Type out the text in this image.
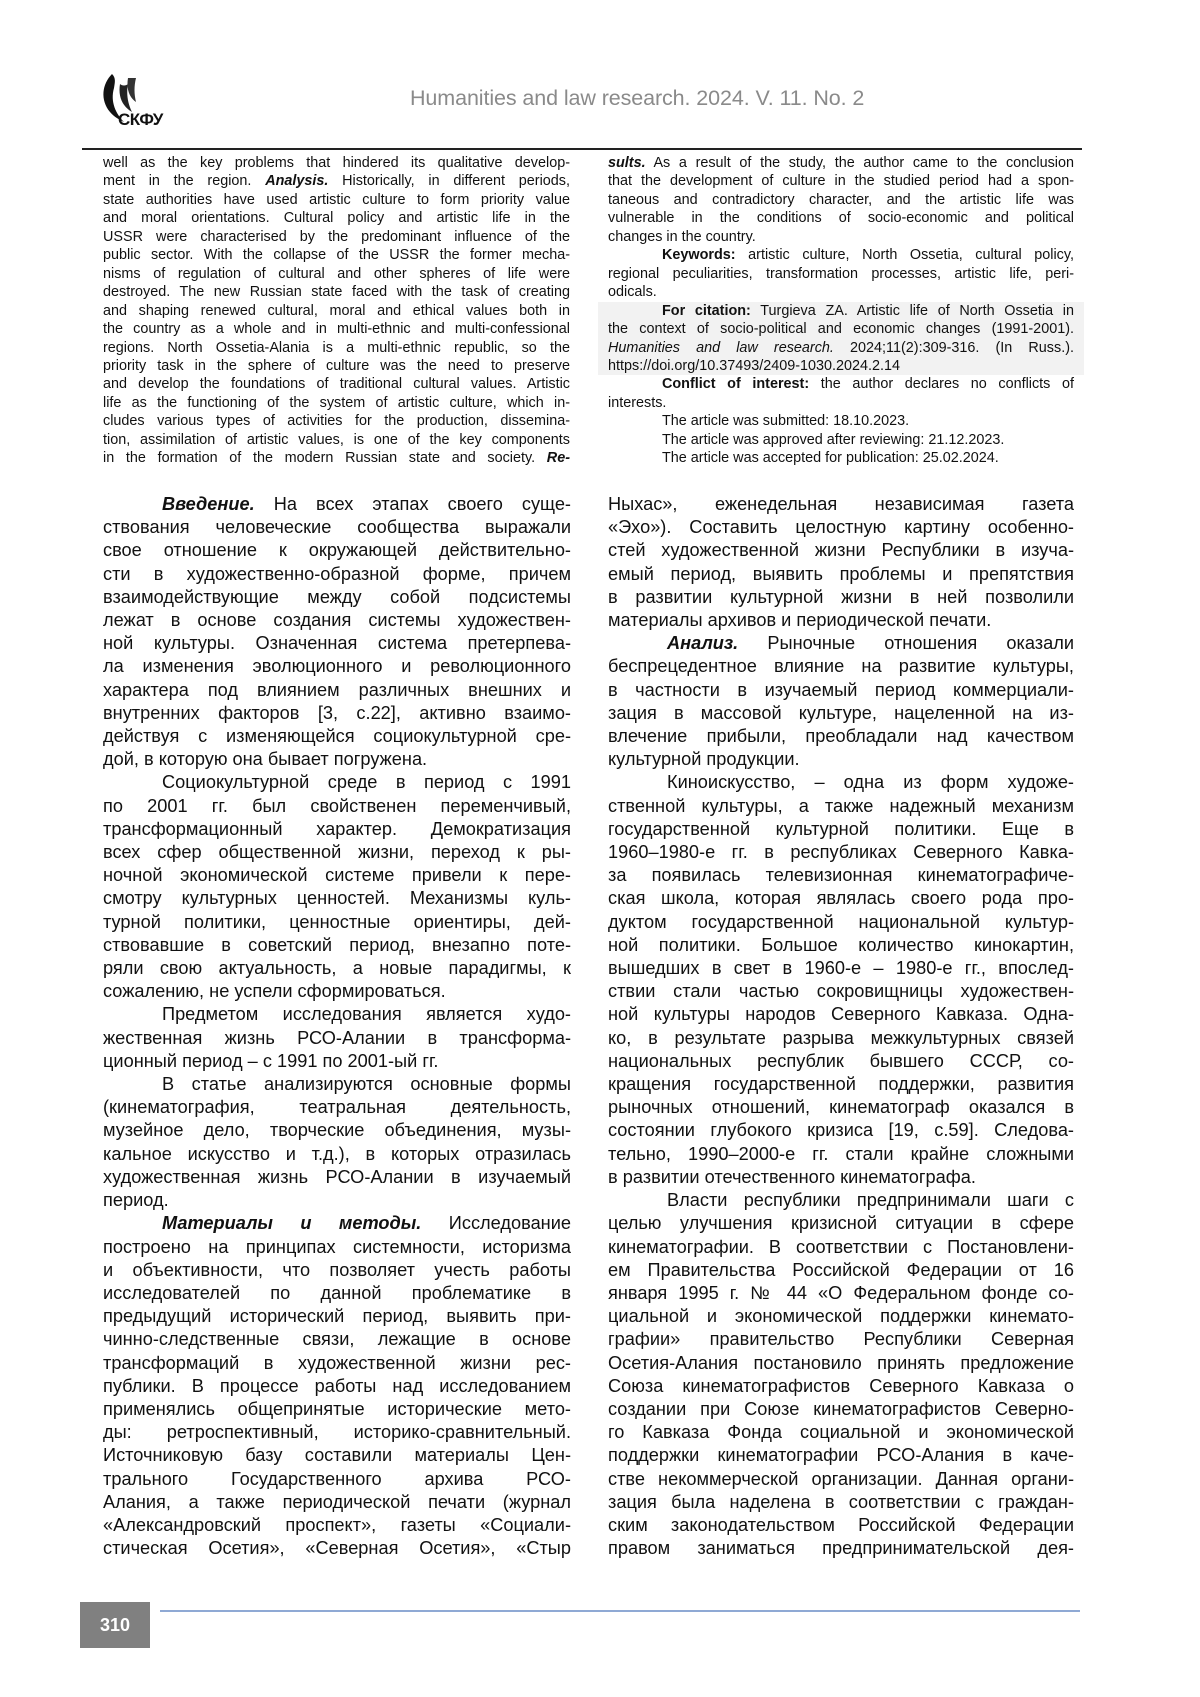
СКФУ
Humanities and law research. 2024. V. 11. No. 2
well as the key problems that hindered its qualitative develop-
ment in the region. Analysis. Historically, in different periods,
state authorities have used artistic culture to form priority value
and moral orientations. Cultural policy and artistic life in the
USSR were characterised by the predominant influence of the
public sector. With the collapse of the USSR the former mecha-
nisms of regulation of cultural and other spheres of life were
destroyed. The new Russian state faced with the task of creating
and shaping renewed cultural, moral and ethical values both in
the country as a whole and in multi-ethnic and multi-confessional
regions. North Ossetia-Alania is a multi-ethnic republic, so the
priority task in the sphere of culture was the need to preserve
and develop the foundations of traditional cultural values. Artistic
life as the functioning of the system of artistic culture, which in-
cludes various types of activities for the production, dissemina-
tion, assimilation of artistic values, is one of the key components
in the formation of the modern Russian state and society. Re-
sults. As a result of the study, the author came to the conclusion
that the development of culture in the studied period had a spon-
taneous and contradictory character, and the artistic life was
vulnerable in the conditions of socio-economic and political
changes in the country.
Keywords: artistic culture, North Ossetia, cultural policy,
regional peculiarities, transformation processes, artistic life, peri-
odicals.
For citation: Turgieva ZA. Artistic life of North Ossetia in
the context of socio-political and economic changes (1991-2001).
Humanities and law research. 2024;11(2):309-316. (In Russ.).
https://doi.org/10.37493/2409-1030.2024.2.14
Conflict of interest: the author declares no conflicts of
interests.
The article was submitted: 18.10.2023.
The article was approved after reviewing: 21.12.2023.
The article was accepted for publication: 25.02.2024.
Введение. На всех этапах своего суще-
ствования человеческие сообщества выражали
свое отношение к окружающей действительно-
сти в художественно-образной форме, причем
взаимодействующие между собой подсистемы
лежат в основе создания системы художествен-
ной культуры. Означенная система претерпева-
ла изменения эволюционного и революционного
характера под влиянием различных внешних и
внутренних факторов [3, с.22], активно взаимо-
действуя с изменяющейся социокультурной сре-
дой, в которую она бывает погружена.
Социокультурной среде в период с 1991
по 2001 гг. был свойственен переменчивый,
трансформационный характер. Демократизация
всех сфер общественной жизни, переход к ры-
ночной экономической системе привели к пере-
смотру культурных ценностей. Механизмы куль-
турной политики, ценностные ориентиры, дей-
ствовавшие в советский период, внезапно поте-
ряли свою актуальность, а новые парадигмы, к
сожалению, не успели сформироваться.
Предметом исследования является худо-
жественная жизнь РСО-Алании в трансформа-
ционный период – с 1991 по 2001-ый гг.
В статье анализируются основные формы
(кинематография, театральная деятельность,
музейное дело, творческие объединения, музы-
кальное искусство и т.д.), в которых отразилась
художественная жизнь РСО-Алании в изучаемый
период.
Материалы и методы. Исследование
построено на принципах системности, историзма
и объективности, что позволяет учесть работы
исследователей по данной проблематике в
предыдущий исторический период, выявить при-
чинно-следственные связи, лежащие в основе
трансформаций в художественной жизни рес-
публики. В процессе работы над исследованием
применялись общепринятые исторические мето-
ды: ретроспективный, историко-сравнительный.
Источниковую базу составили материалы Цен-
трального Государственного архива РСО-
Алания, а также периодической печати (журнал
«Александровский проспект», газеты «Социали-
стическая Осетия», «Северная Осетия», «Стыр
Ныхас», еженедельная независимая газета
«Эхо»). Составить целостную картину особенно-
стей художественной жизни Республики в изуча-
емый период, выявить проблемы и препятствия
в развитии культурной жизни в ней позволили
материалы архивов и периодической печати.
Анализ. Рыночные отношения оказали
беспрецедентное влияние на развитие культуры,
в частности в изучаемый период коммерциали-
зация в массовой культуре, нацеленной на из-
влечение прибыли, преобладали над качеством
культурной продукции.
Киноискусство, – одна из форм художе-
ственной культуры, а также надежный механизм
государственной культурной политики. Еще в
1960–1980-е гг. в республиках Северного Кавка-
за появилась телевизионная кинематографиче-
ская школа, которая являлась своего рода про-
дуктом государственной национальной культур-
ной политики. Большое количество кинокартин,
вышедших в свет в 1960-е – 1980-е гг., впослед-
ствии стали частью сокровищницы художествен-
ной культуры народов Северного Кавказа. Одна-
ко, в результате разрыва межкультурных связей
национальных республик бывшего СССР, со-
кращения государственной поддержки, развития
рыночных отношений, кинематограф оказался в
состоянии глубокого кризиса [19, с.59]. Следова-
тельно, 1990–2000-е гг. стали крайне сложными
в развитии отечественного кинематографа.
Власти республики предпринимали шаги с
целью улучшения кризисной ситуации в сфере
кинематографии. В соответствии с Постановлени-
ем Правительства Российской Федерации от 16
января 1995 г. № 44 «О Федеральном фонде со-
циальной и экономической поддержки кинемато-
графии» правительство Республики Северная
Осетия-Алания постановило принять предложение
Союза кинематографистов Северного Кавказа о
создании при Союзе кинематографистов Северно-
го Кавказа Фонда социальной и экономической
поддержки кинематографии РСО-Алания в каче-
стве некоммерческой организации. Данная органи-
зация была наделена в соответствии с граждан-
ским законодательством Российской Федерации
правом заниматься предпринимательской дея-
310
